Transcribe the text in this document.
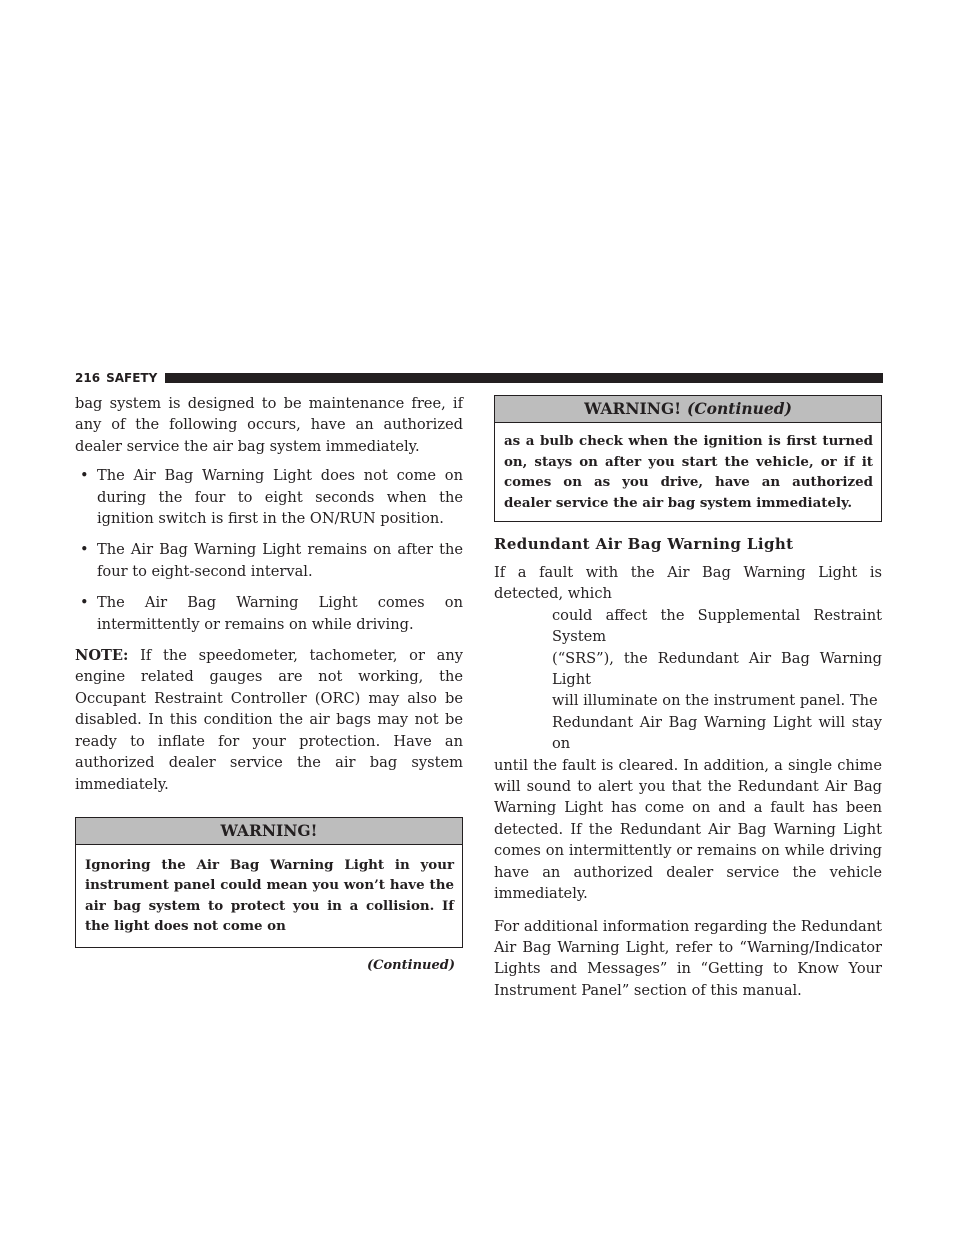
216 SAFETY

bag system is designed to be maintenance free, if any of the following occurs, have an authorized dealer service the air bag system immediately.

• The Air Bag Warning Light does not come on during the four to eight seconds when the ignition switch is first in the ON/RUN position.
• The Air Bag Warning Light remains on after the four to eight-second interval.
• The Air Bag Warning Light comes on intermittently or remains on while driving.

NOTE: If the speedometer, tachometer, or any engine related gauges are not working, the Occupant Restraint Controller (ORC) may also be disabled. In this condition the air bags may not be ready to inflate for your protection. Have an authorized dealer service the air bag system immediately.

WARNING!
Ignoring the Air Bag Warning Light in your instrument panel could mean you won’t have the air bag system to protect you in a collision. If the light does not come on
(Continued)
WARNING! (Continued)
as a bulb check when the ignition is first turned on, stays on after you start the vehicle, or if it comes on as you drive, have an authorized dealer service the air bag system immediately.
Redundant Air Bag Warning Light

If a fault with the Air Bag Warning Light is detected, which
could affect the Supplemental Restraint System
(“SRS”), the Redundant Air Bag Warning Light
will illuminate on the instrument panel. The
Redundant Air Bag Warning Light will stay on
until the fault is cleared. In addition, a single chime will sound to alert you that the Redundant Air Bag Warning Light has come on and a fault has been detected. If the Redundant Air Bag Warning Light comes on intermittently or remains on while driving have an authorized dealer service the vehicle immediately.

For additional information regarding the Redundant Air Bag Warning Light, refer to “Warning/Indicator Lights and Messages” in “Getting to Know Your Instrument Panel” section of this manual.
